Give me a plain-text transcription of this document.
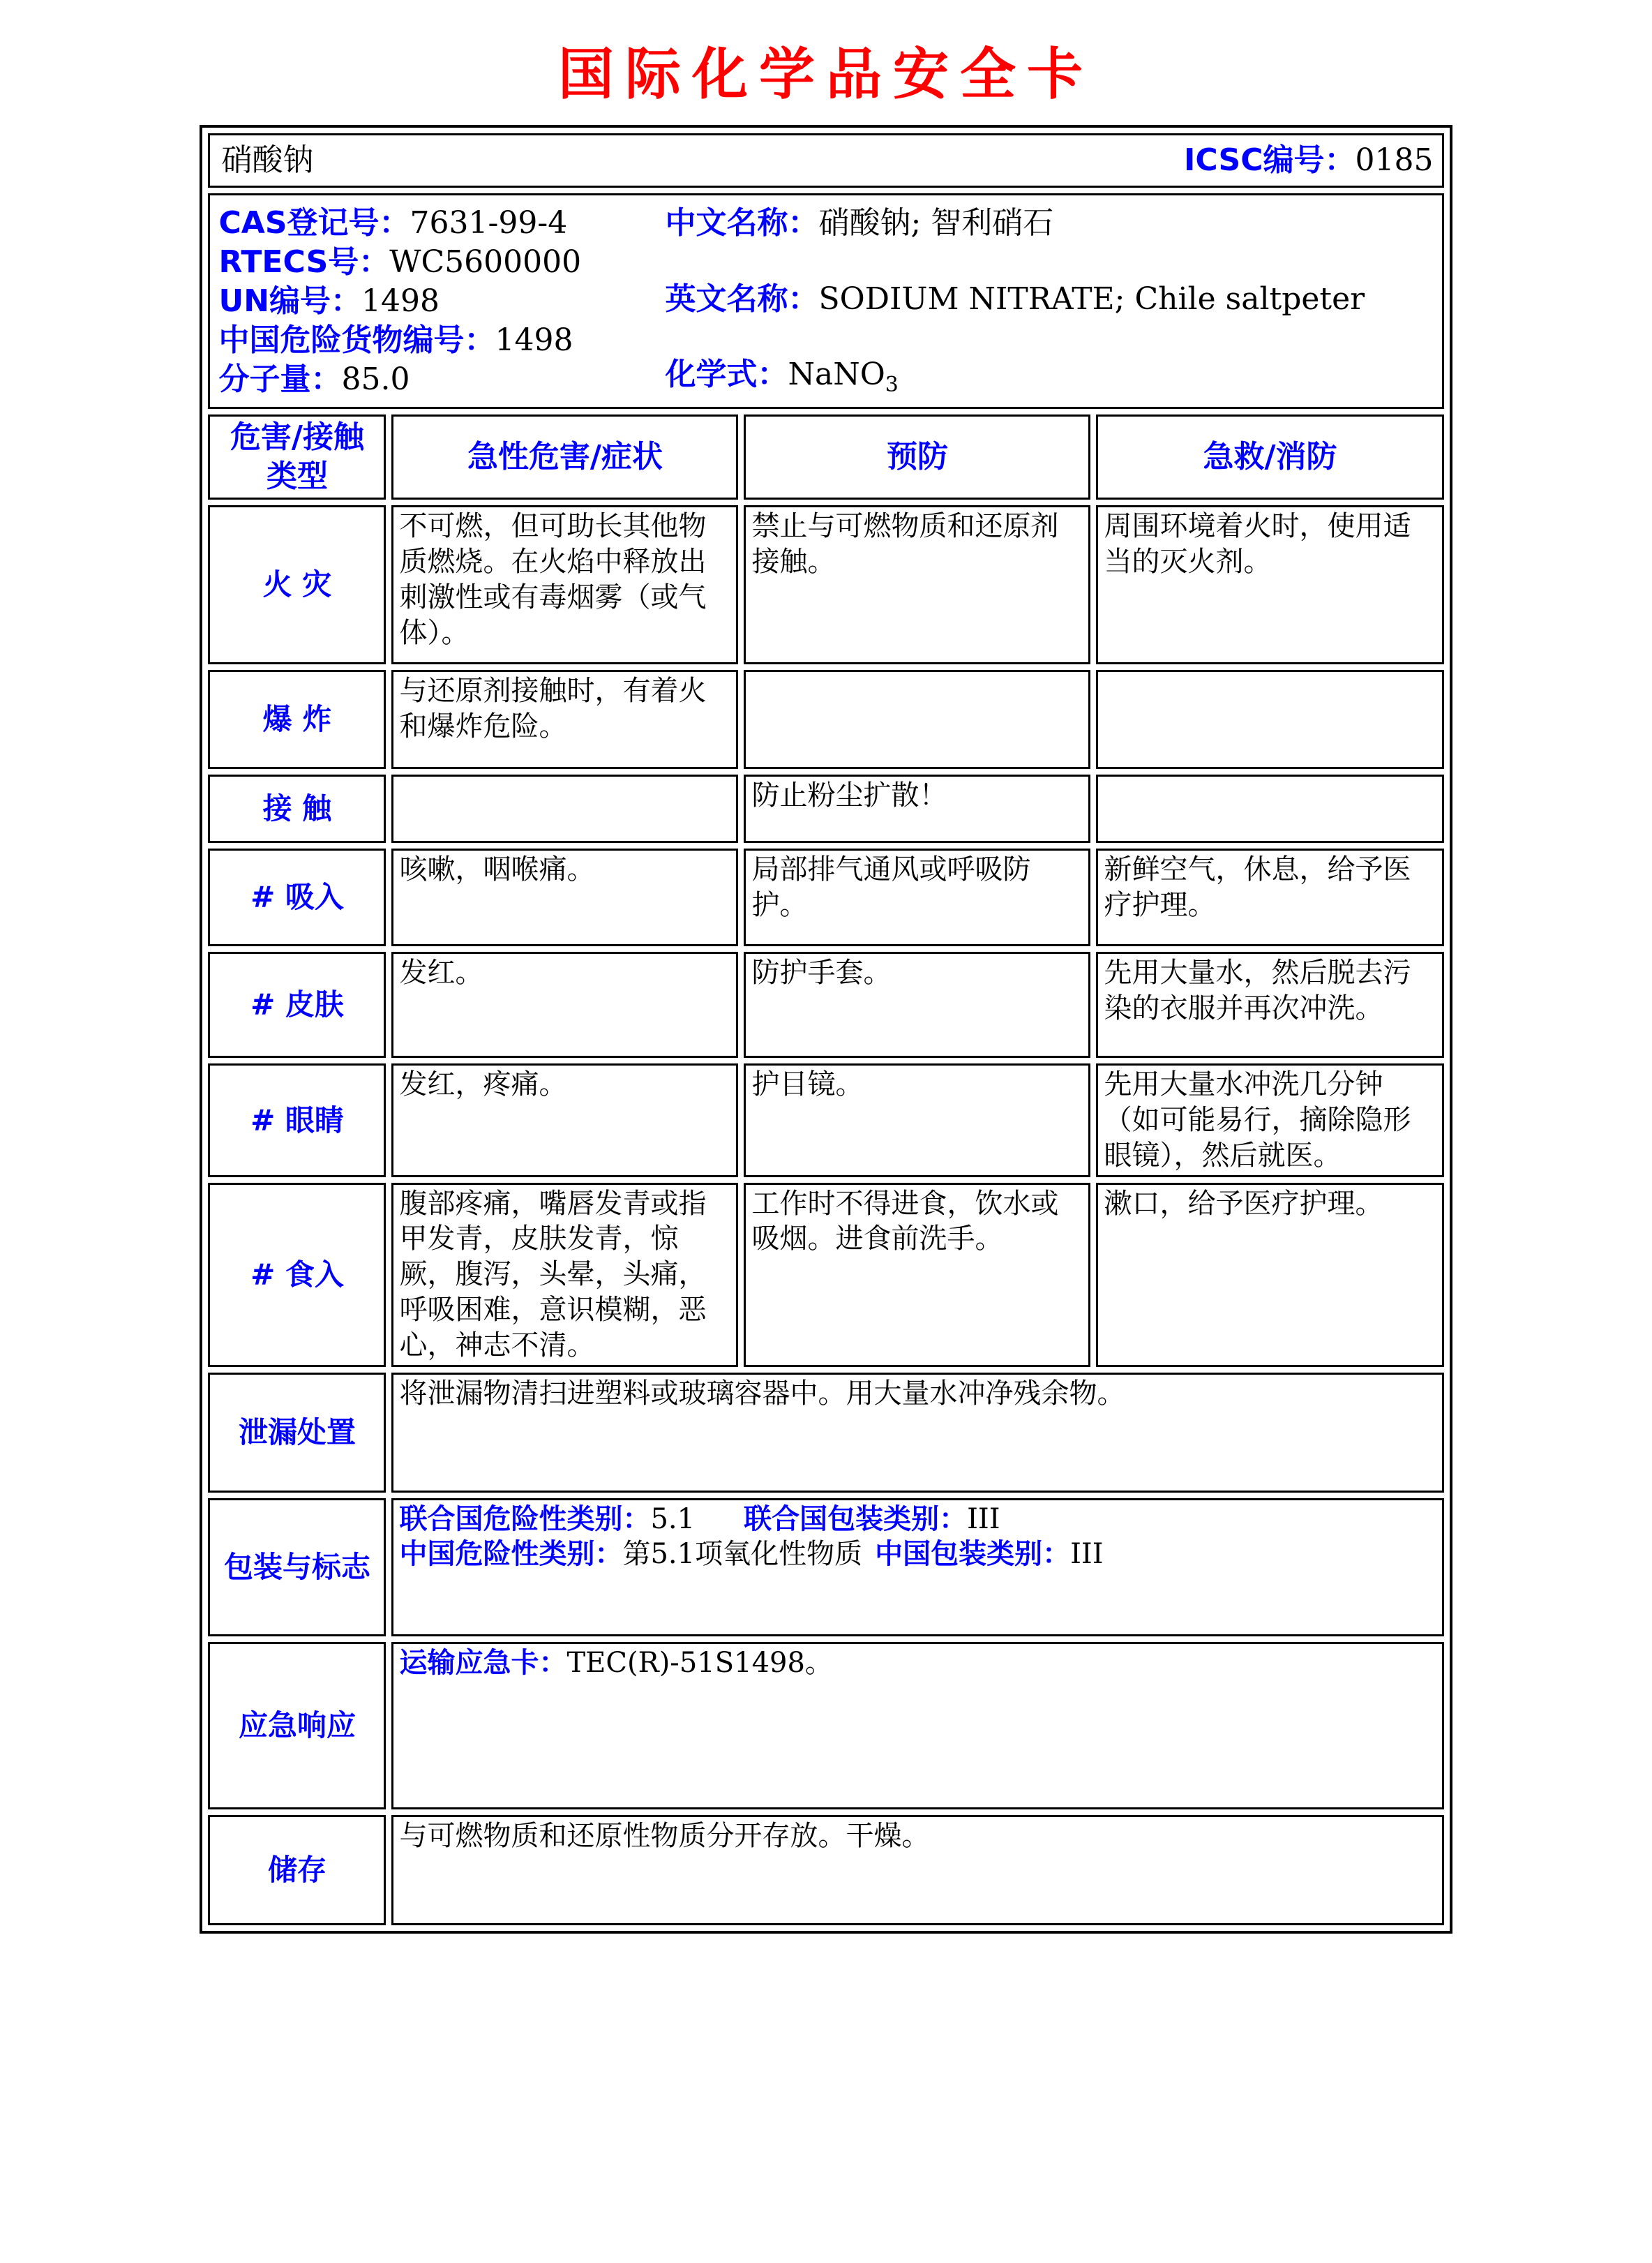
国际化学品安全卡
硝酸钠 ICSC编号：0185			

CAS登记号：7631-99-4
RTECS号：WC5600000
UN编号：1498
中国危险货物编号：1498
分子量：85.0
中文名称：硝酸钠; 智利硝石
英文名称：SODIUM NITRATE; Chile saltpeter
化学式：NaNO$_3$

危害/接触类型	急性危害/症状	预防	急救/消防
火 灾	不可燃，但可助长其他物质燃烧。在火焰中释放出刺激性或有毒烟雾（或气体）。	禁止与可燃物质和还原剂接触。	周围环境着火时，使用适当的灭火剂。
爆 炸	与还原剂接触时，有着火和爆炸危险。		
接 触		防止粉尘扩散！	
# 吸入	咳嗽，咽喉痛。	局部排气通风或呼吸防护。	新鲜空气，休息，给予医疗护理。
# 皮肤	发红。	防护手套。	先用大量水，然后脱去污染的衣服并再次冲洗。
# 眼睛	发红，疼痛。	护目镜。	先用大量水冲洗几分钟（如可能易行，摘除隐形眼镜），然后就医。
# 食入	腹部疼痛，嘴唇发青或指甲发青，皮肤发青，惊厥，腹泻，头晕，头痛，呼吸困难，意识模糊，恶心，神志不清。	工作时不得进食，饮水或吸烟。进食前洗手。	漱口，给予医疗护理。
泄漏处置	将泄漏物清扫进塑料或玻璃容器中。用大量水冲净残余物。		
包装与标志	联合国危险性类别：5.1 联合国包装类别：III
中国危险性类别：第5.1项氧化性物质 中国包装类别：III		

应急响应	运输应急卡：TEC(R)-51S1498。		
储存	与可燃物质和还原性物质分开存放。干燥。		
